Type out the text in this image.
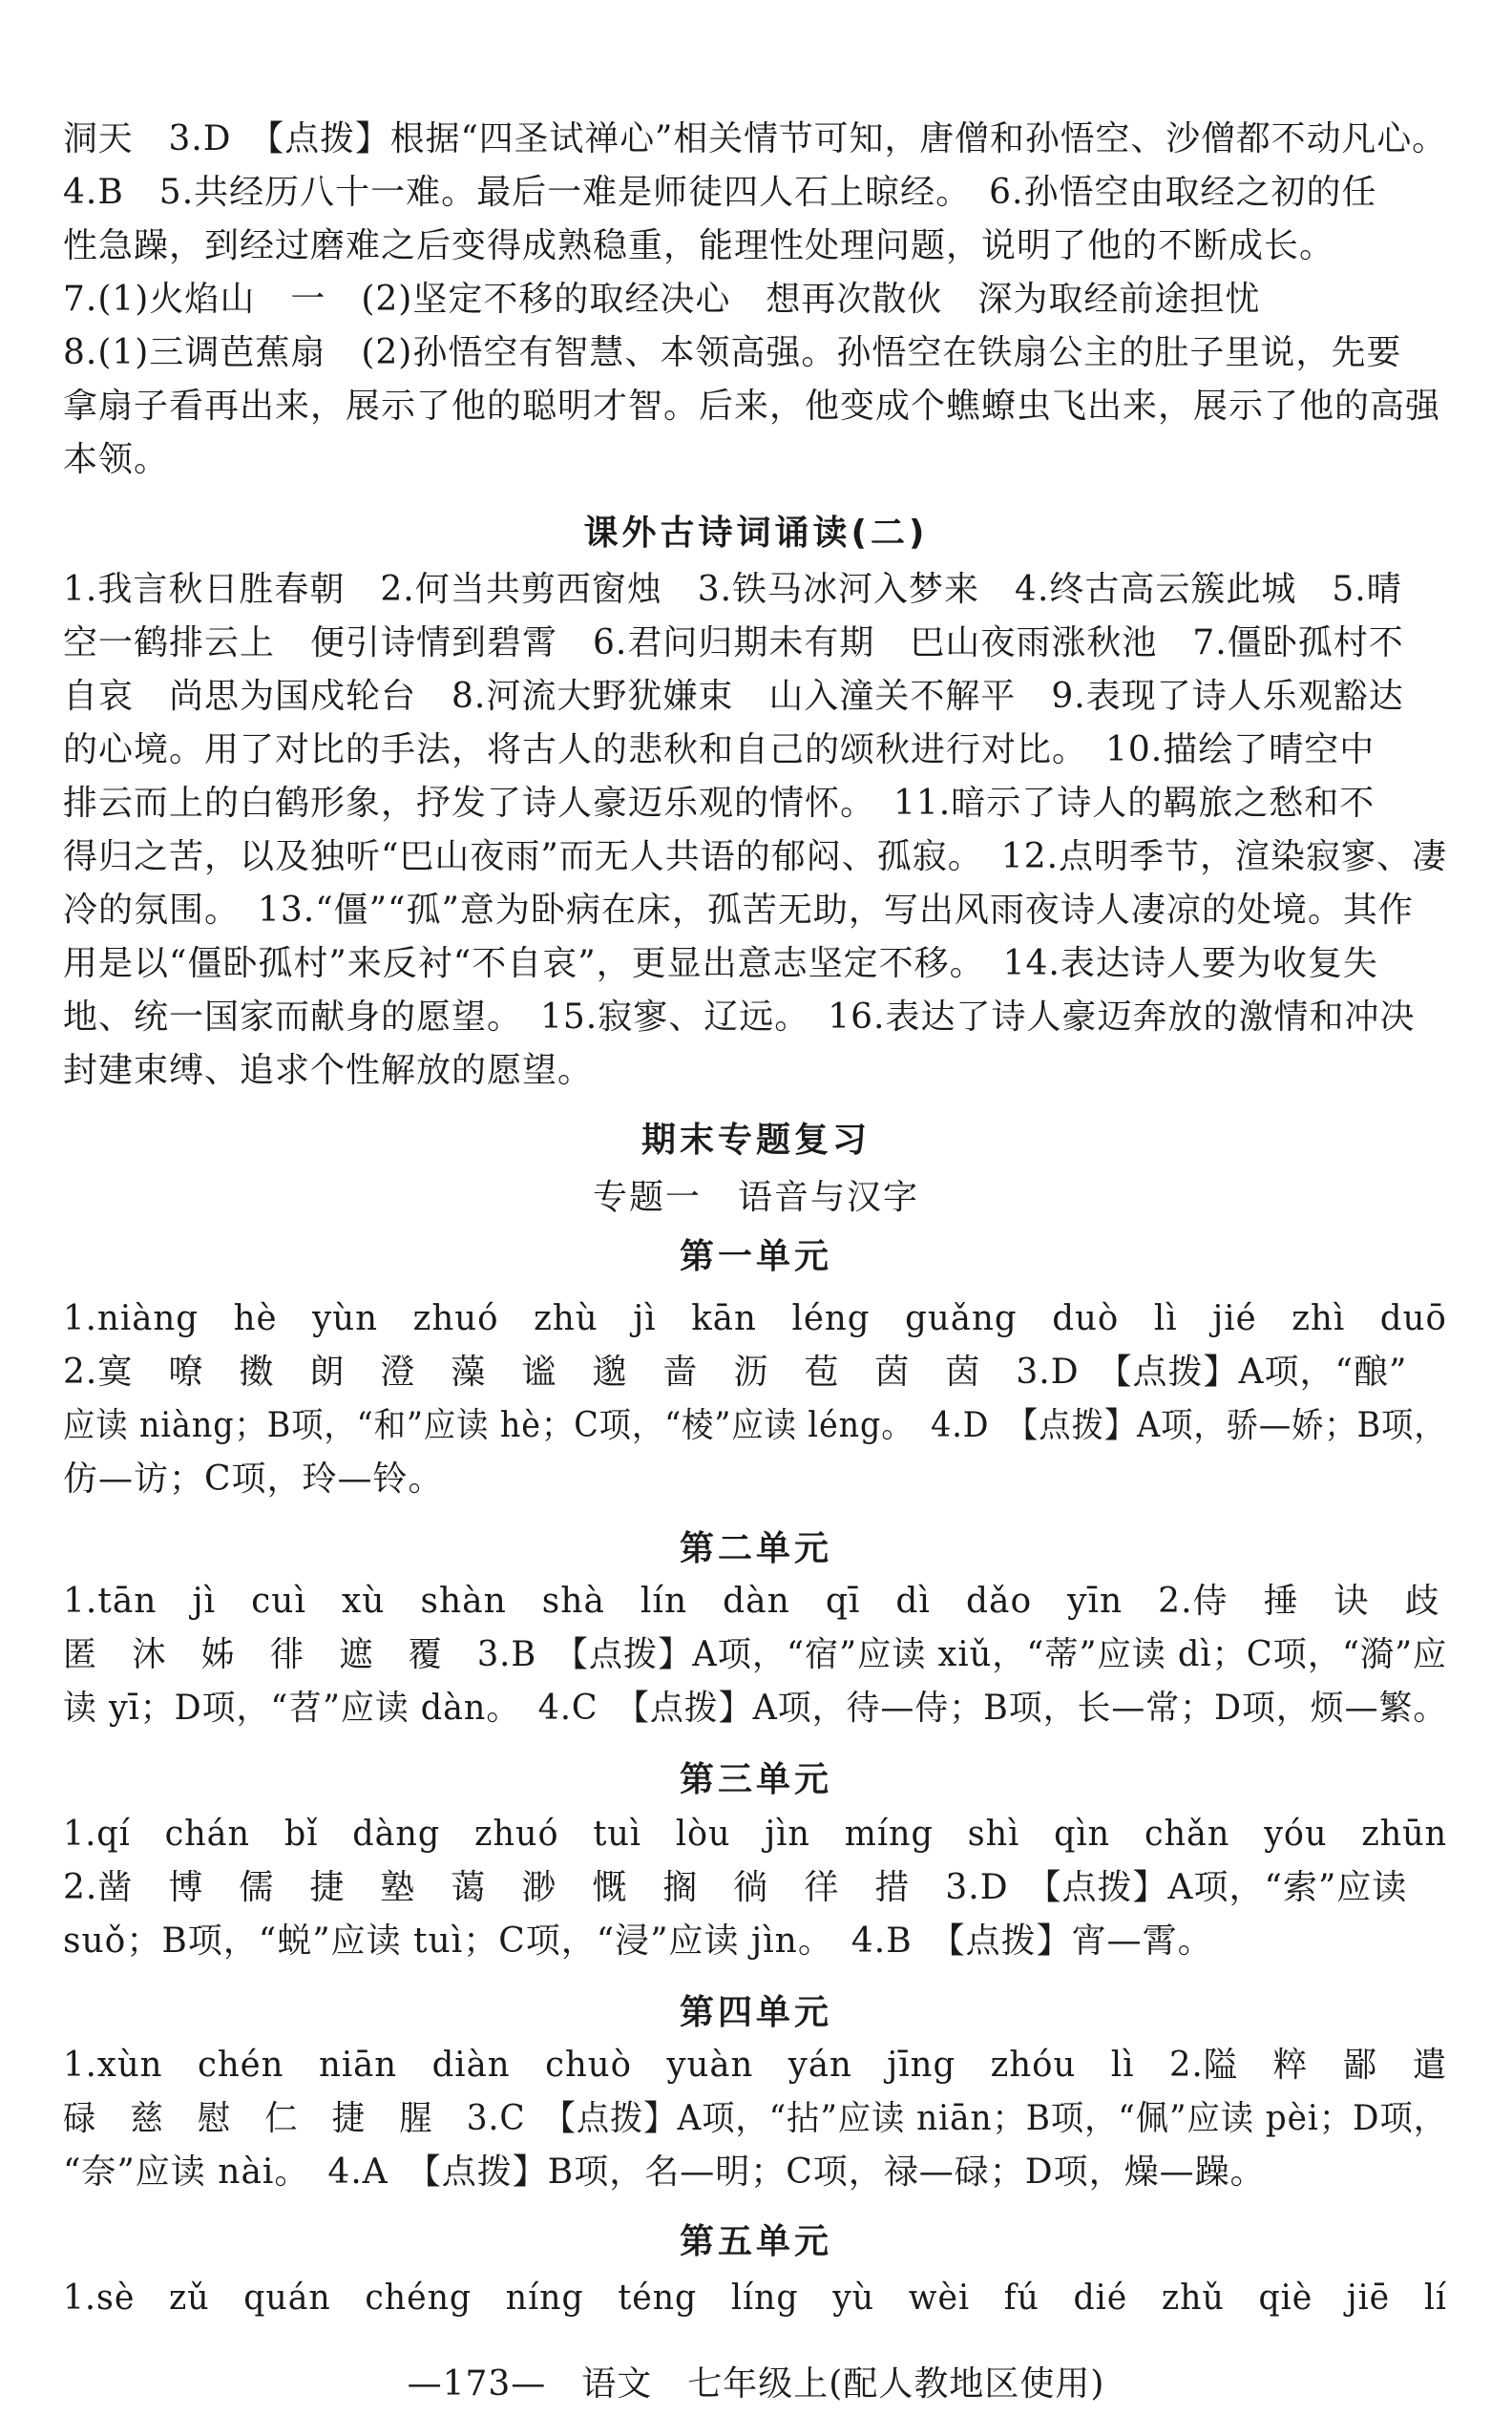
洞天　3.D　【点拨】根据“四圣试禅心”相关情节可知，唐僧和孙悟空、沙僧都不动凡心。
4.B　5.共经历八十一难。最后一难是师徒四人石上晾经。　6.孙悟空由取经之初的任
性急躁，到经过磨难之后变得成熟稳重，能理性处理问题，说明了他的不断成长。
7.(1)火焰山　一　(2)坚定不移的取经决心　想再次散伙　深为取经前途担忧
8.(1)三调芭蕉扇　(2)孙悟空有智慧、本领高强。孙悟空在铁扇公主的肚子里说，先要
拿扇子看再出来，展示了他的聪明才智。后来，他变成个蟭蟟虫飞出来，展示了他的高强
本领。
课外古诗词诵读(二)
1.我言秋日胜春朝　2.何当共剪西窗烛　3.铁马冰河入梦来　4.终古高云簇此城　5.晴
空一鹤排云上　便引诗情到碧霄　6.君问归期未有期　巴山夜雨涨秋池　7.僵卧孤村不
自哀　尚思为国戍轮台　8.河流大野犹嫌束　山入潼关不解平　9.表现了诗人乐观豁达
的心境。用了对比的手法，将古人的悲秋和自己的颂秋进行对比。　10.描绘了晴空中
排云而上的白鹤形象，抒发了诗人豪迈乐观的情怀。　11.暗示了诗人的羁旅之愁和不
得归之苦，以及独听“巴山夜雨”而无人共语的郁闷、孤寂。　12.点明季节，渲染寂寥、凄
冷的氛围。　13.“僵”“孤”意为卧病在床，孤苦无助，写出风雨夜诗人凄凉的处境。其作
用是以“僵卧孤村”来反衬“不自哀”，更显出意志坚定不移。　14.表达诗人要为收复失
地、统一国家而献身的愿望。　15.寂寥、辽远。　16.表达了诗人豪迈奔放的激情和冲决
封建束缚、追求个性解放的愿望。
期末专题复习
专题一　语音与汉字
第一单元
1.niàng　hè　yùn　zhuó　zhù　jì　kān　léng　guǎng　duò　lì　jié　zhì　duō
2.寞　嘹　擞　朗　澄　藻　谧　邈　啬　沥　苞　茵　茵　3.D　【点拨】A项，“酿”
应读 niàng；B项，“和”应读 hè；C项，“棱”应读 léng。　4.D　【点拨】A项，骄—娇；B项，
仿—访；C项，玲—铃。
第二单元
1.tān　jì　cuì　xù　shàn　shà　lín　dàn　qī　dì　dǎo　yīn　2.侍　捶　诀　歧
匿　沐　姊　徘　遮　覆　3.B　【点拨】A项，“宿”应读 xiǔ，“蒂”应读 dì；C项，“漪”应
读 yī；D项，“苕”应读 dàn。　4.C　【点拨】A项，待—侍；B项，长—常；D项，烦—繁。
第三单元
1.qí　chán　bǐ　dàng　zhuó　tuì　lòu　jìn　míng　shì　qìn　chǎn　yóu　zhūn
2.凿　博　儒　捷　塾　蔼　渺　慨　搁　徜　徉　措　3.D　【点拨】A项，“索”应读
suǒ；B项，“蜕”应读 tuì；C项，“浸”应读 jìn。　4.B　【点拨】宵—霄。
第四单元
1.xùn　chén　niān　diàn　chuò　yuàn　yán　jīng　zhóu　lì　2.隘　粹　鄙　遣
碌　慈　慰　仁　捷　腥　3.C　【点拨】A项，“拈”应读 niān；B项，“佩”应读 pèi；D项，
“奈”应读 nài。　4.A　【点拨】B项，名—明；C项，禄—碌；D项，燥—躁。
第五单元
1.sè　zǔ　quán　chéng　níng　téng　líng　yù　wèi　fú　dié　zhǔ　qiè　jiē　lí
—173—　语文　七年级上(配人教地区使用)
